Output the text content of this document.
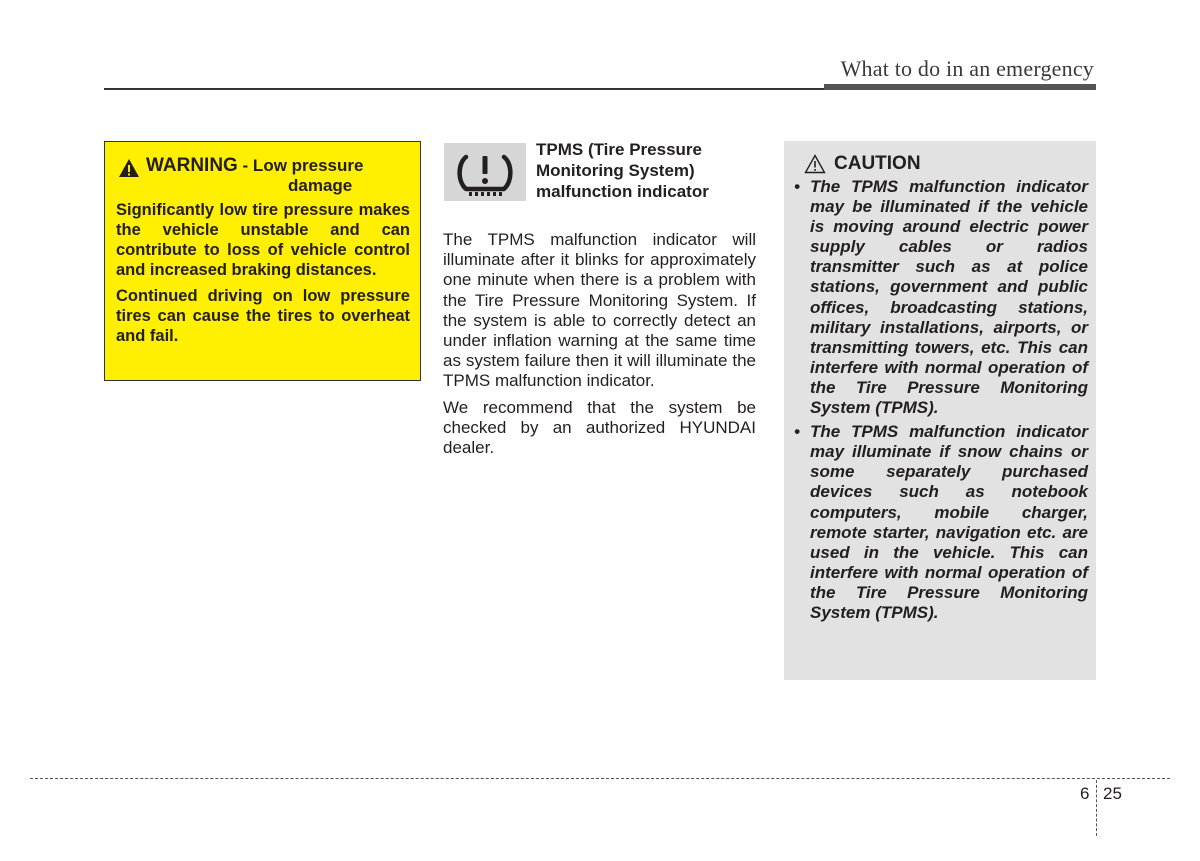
What to do in an emergency
WARNING - Low pressure
damage

Significantly low tire pressure makes the vehicle unstable and can contribute to loss of vehicle control and increased braking distances.

Continued driving on low pressure tires can cause the tires to overheat and fail.

TPMS (Tire Pressure Monitoring System) malfunction indicator

The TPMS malfunction indicator will illuminate after it blinks for approximately one minute when there is a problem with the Tire Pressure Monitoring System. If the system is able to correctly detect an under inflation warning at the same time as system failure then it will illuminate the TPMS malfunction indicator.

We recommend that the system be checked by an authorized HYUNDAI dealer.

CAUTION
• The TPMS malfunction indicator may be illuminated if the vehicle is moving around electric power supply cables or radios transmitter such as at police stations, government and public offices, broadcasting stations, military installations, airports, or transmitting towers, etc. This can interfere with normal operation of the Tire Pressure Monitoring System (TPMS).
• The TPMS malfunction indicator may illuminate if snow chains or some separately purchased devices such as notebook computers, mobile charger, remote starter, navigation etc. are used in the vehicle. This can interfere with normal operation of the Tire Pressure Monitoring System (TPMS).
6 25
